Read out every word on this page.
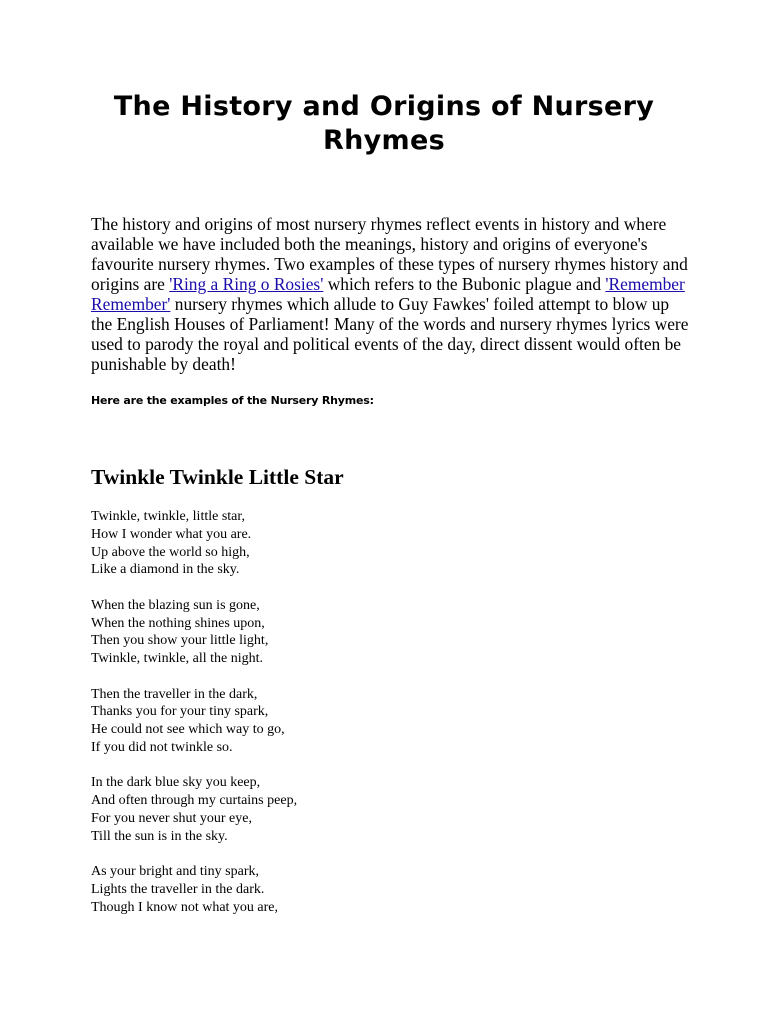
The History and Origins of Nursery
Rhymes

The history and origins of most nursery rhymes reflect events in history and where

available we have included both the meanings, history and origins of everyone's

favourite nursery rhymes. Two examples of these types of nursery rhymes history and

origins are 'Ring a Ring o Rosies' which refers to the Bubonic plague and 'Remember

Remember' nursery rhymes which allude to Guy Fawkes' foiled attempt to blow up

the English Houses of Parliament! Many of the words and nursery rhymes lyrics were

used to parody the royal and political events of the day, direct dissent would often be

punishable by death!

Here are the examples of the Nursery Rhymes:
Twinkle Twinkle Little Star
Twinkle, twinkle, little star,
How I wonder what you are.
Up above the world so high,
Like a diamond in the sky.
When the blazing sun is gone,
When the nothing shines upon,
Then you show your little light,
Twinkle, twinkle, all the night.
Then the traveller in the dark,
Thanks you for your tiny spark,
He could not see which way to go,
If you did not twinkle so.
In the dark blue sky you keep,
And often through my curtains peep,
For you never shut your eye,
Till the sun is in the sky.
As your bright and tiny spark,
Lights the traveller in the dark.
Though I know not what you are,
